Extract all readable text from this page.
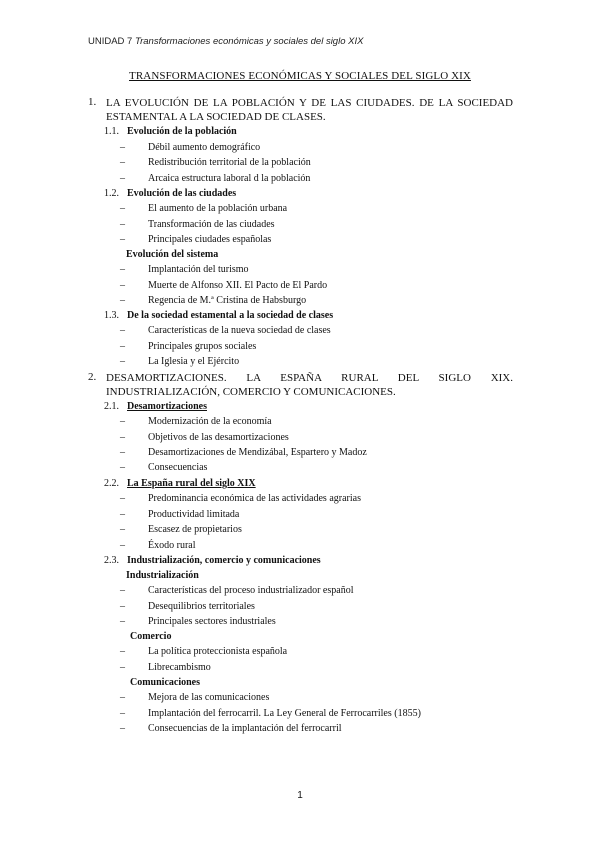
UNIDAD 7 Transformaciones económicas y sociales del siglo XIX
TRANSFORMACIONES ECONÓMICAS Y SOCIALES DEL SIGLO XIX
1. LA EVOLUCIÓN DE LA POBLACIÓN Y DE LAS CIUDADES. DE LA SOCIEDAD
ESTAMENTAL A LA SOCIEDAD DE CLASES.
1.1. Evolución de la población
– Débil aumento demográfico
– Redistribución territorial de la población
– Arcaica estructura laboral d la población
1.2. Evolución de las ciudades
– El aumento de la población urbana
– Transformación de las ciudades
– Principales ciudades españolas
Evolución del sistema
– Implantación del turismo
– Muerte de Alfonso XII. El Pacto de El Pardo
– Regencia de M.ª Cristina de Habsburgo
1.3. De la sociedad estamental a la sociedad de clases
– Características de la nueva sociedad de clases
– Principales grupos sociales
– La Iglesia y el Ejército
2. DESAMORTIZACIONES. LA ESPAÑA RURAL DEL SIGLO XIX.
INDUSTRIALIZACIÓN, COMERCIO Y COMUNICACIONES.
2.1. Desamortizaciones
– Modernización de la economía
– Objetivos de las desamortizaciones
– Desamortizaciones de Mendizábal, Espartero y Madoz
– Consecuencias
2.2. La España rural del siglo XIX
– Predominancia económica de las actividades agrarias
– Productividad limitada
– Escasez de propietarios
– Éxodo rural
2.3. Industrialización, comercio y comunicaciones
Industrialización
– Características del proceso industrializador español
– Desequilibrios territoriales
– Principales sectores industriales
Comercio
– La política proteccionista española
– Librecambismo
Comunicaciones
– Mejora de las comunicaciones
– Implantación del ferrocarril. La Ley General de Ferrocarriles (1855)
– Consecuencias de la implantación del ferrocarril
1
